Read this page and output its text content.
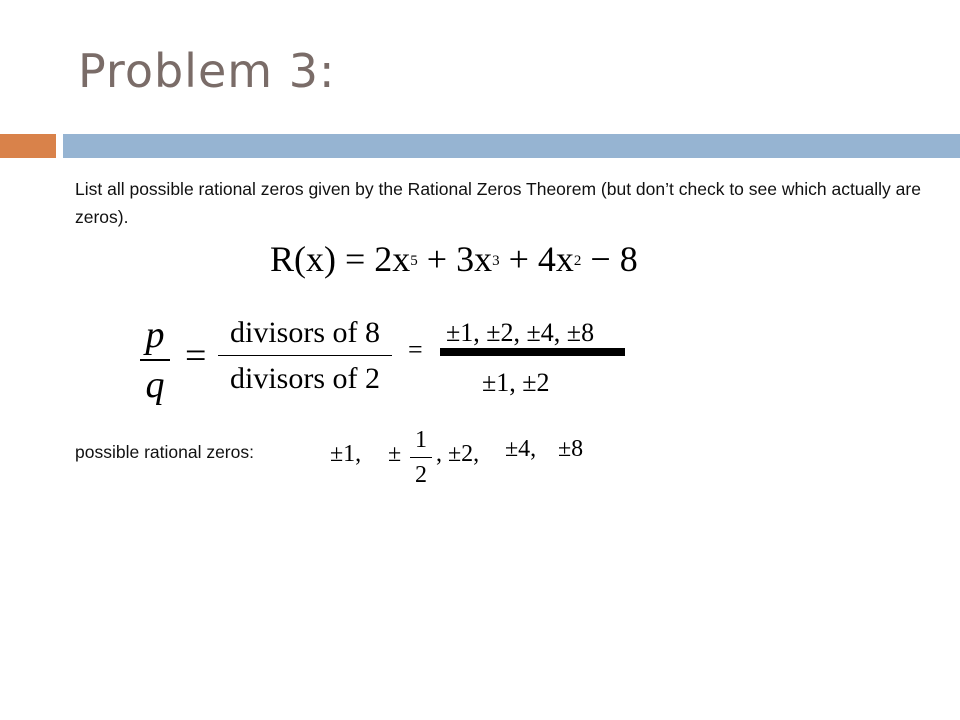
Problem 3:
List all possible rational zeros given by the Rational Zeros Theorem (but don’t check to see which actually are zeros).
$R(x) = 2x^5 + 3x^3 + 4x^2 - 8$
p
q
=
divisors of 8
divisors of 2
=
±1, ±2, ±4, ±8
±1, ±2
possible rational zeros:	±1, ±
1
2
, ±2, ±4, ±8
